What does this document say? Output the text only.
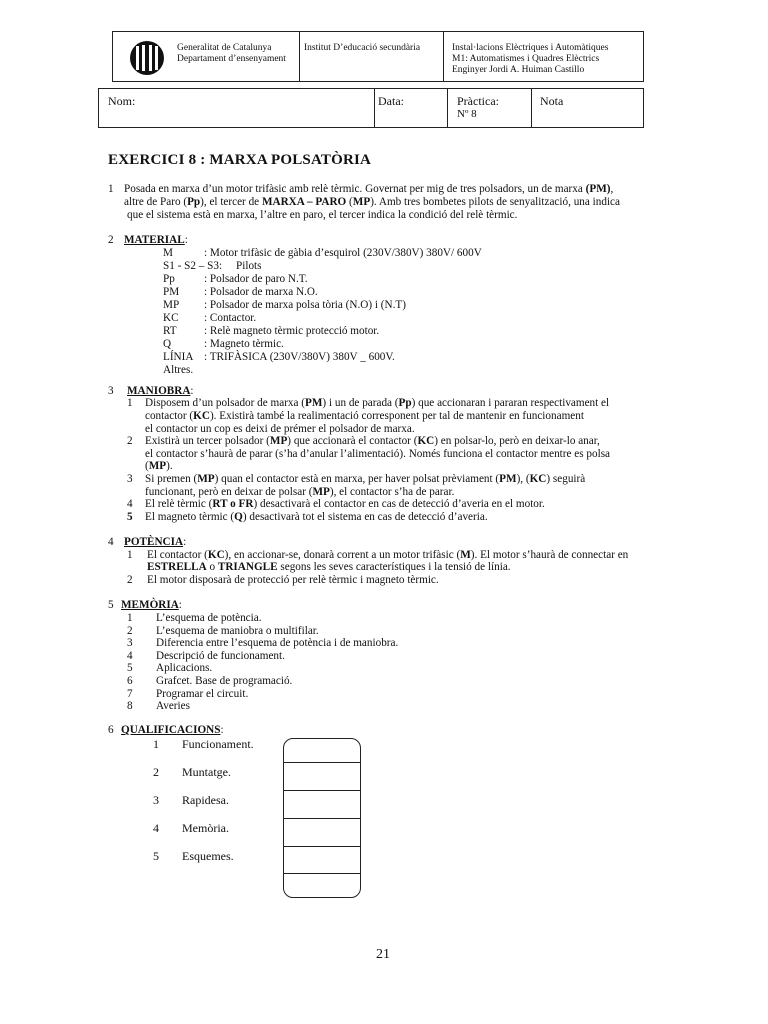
Generalitat de Catalunya
Departament d’ensenyament
Institut D’educació secundària	Instal·lacions Elèctriques i Automàtiques
M1: Automatismes i Quadres Elèctrics
Enginyer Jordi A. Huiman Castillo
Nom:	Data:	Pràctica:
Nº 8
Nota
EXERCICI 8 : MARXA POLSATÒRIA
1 Posada en marxa d’un motor trifàsic amb relè tèrmic. Governat per mig de tres polsadors, un de marxa (PM),
altre de Paro (Pp), el tercer de MARXA – PARO (MP). Amb tres bombetes pilots de senyalització, una indica
que el sistema està en marxa, l’altre en paro, el tercer indica la condició del relè tèrmic.
2 MATERIAL:
M	: Motor trifàsic de gàbia d’esquirol (230V/380V) 380V/ 600V
S1 - S2 – S3: Pilots
Pp	: Polsador de paro N.T.
PM : Polsador de marxa N.O.
MP : Polsador de marxa polsa tòria (N.O) i (N.T)
KC : Contactor.
RT : Relè magneto tèrmic protecció motor.
Q	: Magneto tèrmic.
LÍNIA : TRIFÀSICA (230V/380V) 380V _ 600V.
Altres.
3 MANIOBRA:
1 Disposem d’un polsador de marxa (PM) i un de parada (Pp) que accionaran i pararan respectivament el
contactor (KC). Existirà també la realimentació corresponent per tal de mantenir en funcionament
el contactor un cop es deixi de prémer el polsador de marxa.
2 Existirà un tercer polsador (MP) que accionarà el contactor (KC) en polsar-lo, però en deixar-lo anar,
el contactor s’haurà de parar (s’ha d’anular l’alimentació). Només funciona el contactor mentre es polsa
(MP).
3 Si premen (MP) quan el contactor està en marxa, per haver polsat prèviament (PM), (KC) seguirà
funcionant, però en deixar de polsar (MP), el contactor s’ha de parar.
4 El relè tèrmic (RT o FR) desactivarà el contactor en cas de detecció d’averia en el motor.
5 El magneto tèrmic (Q) desactivarà tot el sistema en cas de detecció d’averia.
4 POTÈNCIA:
1 El contactor (KC), en accionar-se, donarà corrent a un motor trifàsic (M). El motor s’haurà de connectar en
ESTRELLA o TRIANGLE segons les seves característiques i la tensió de línia.
2 El motor disposarà de protecció per relè tèrmic i magneto tèrmic.
5 MEMÒRIA:
1 L’esquema de potència.
2 L’esquema de maniobra o multifilar.
3 Diferencia entre l’esquema de potència i de maniobra.
4 Descripció de funcionament.
5 Aplicacions.
6 Grafcet. Base de programació.
7 Programar el circuit.
8 Averies
6 QUALIFICACIONS:
1 Funcionament.
2 Muntatge.
3 Rapidesa.
4 Memòria.
5 Esquemes.
21
